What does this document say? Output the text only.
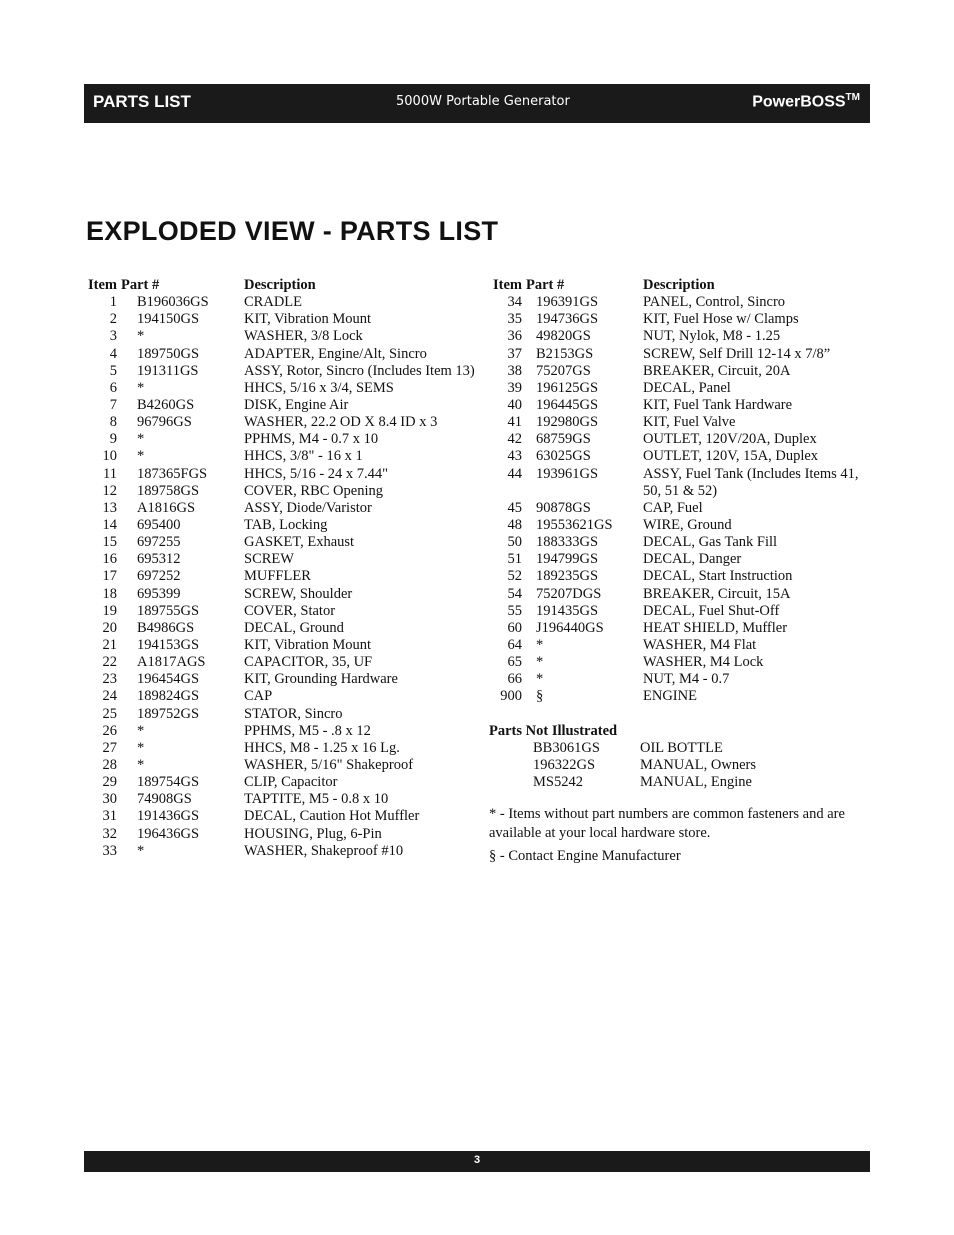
PARTS LIST	5000W Portable Generator	PowerBOSS™
EXPLODED VIEW - PARTS LIST
Item	Part #	Description
1	B196036GS	CRADLE
2	194150GS	KIT, Vibration Mount
3	*	WASHER, 3/8 Lock
4	189750GS	ADAPTER, Engine/Alt, Sincro
5	191311GS	ASSY, Rotor, Sincro (Includes Item 13)
6	*	HHCS, 5/16 x 3/4, SEMS
7	B4260GS	DISK, Engine Air
8	96796GS	WASHER, 22.2 OD X 8.4 ID x 3
9	*	PPHMS, M4 - 0.7 x 10
10	*	HHCS, 3/8" - 16 x 1
11	187365FGS	HHCS, 5/16 - 24 x 7.44"
12	189758GS	COVER, RBC Opening
13	A1816GS	ASSY, Diode/Varistor
14	695400	TAB, Locking
15	697255	GASKET, Exhaust
16	695312	SCREW
17	697252	MUFFLER
18	695399	SCREW, Shoulder
19	189755GS	COVER, Stator
20	B4986GS	DECAL, Ground
21	194153GS	KIT, Vibration Mount
22	A1817AGS	CAPACITOR, 35, UF
23	196454GS	KIT, Grounding Hardware
24	189824GS	CAP
25	189752GS	STATOR, Sincro
26	*	PPHMS, M5 - .8 x 12
27	*	HHCS, M8 - 1.25 x 16 Lg.
28	*	WASHER, 5/16" Shakeproof
29	189754GS	CLIP, Capacitor
30	74908GS	TAPTITE, M5 - 0.8 x 10
31	191436GS	DECAL, Caution Hot Muffler
32	196436GS	HOUSING, Plug, 6-Pin
33	*	WASHER, Shakeproof #10
Item	Part #	Description
34	196391GS	PANEL, Control, Sincro
35	194736GS	KIT, Fuel Hose w/ Clamps
36	49820GS	NUT, Nylok, M8 - 1.25
37	B2153GS	SCREW, Self Drill 12-14 x 7/8”
38	75207GS	BREAKER, Circuit, 20A
39	196125GS	DECAL, Panel
40	196445GS	KIT, Fuel Tank Hardware
41	192980GS	KIT, Fuel Valve
42	68759GS	OUTLET, 120V/20A, Duplex
43	63025GS	OUTLET, 120V, 15A, Duplex
44	193961GS	ASSY, Fuel Tank (Includes Items 41,
		50, 51 & 52)
45	90878GS	CAP, Fuel
48	19553621GS	WIRE, Ground
50	188333GS	DECAL, Gas Tank Fill
51	194799GS	DECAL, Danger
52	189235GS	DECAL, Start Instruction
54	75207DGS	BREAKER, Circuit, 15A
55	191435GS	DECAL, Fuel Shut-Off
60	J196440GS	HEAT SHIELD, Muffler
64	*	WASHER, M4 Flat
65	*	WASHER, M4 Lock
66	*	NUT, M4 - 0.7
900	§	ENGINE
Parts Not Illustrated
BB3061GS	OIL BOTTLE
196322GS	MANUAL, Owners
MS5242	MANUAL, Engine

* - Items without part numbers are common fasteners and are available at your local hardware store.

§ - Contact Engine Manufacturer

3
